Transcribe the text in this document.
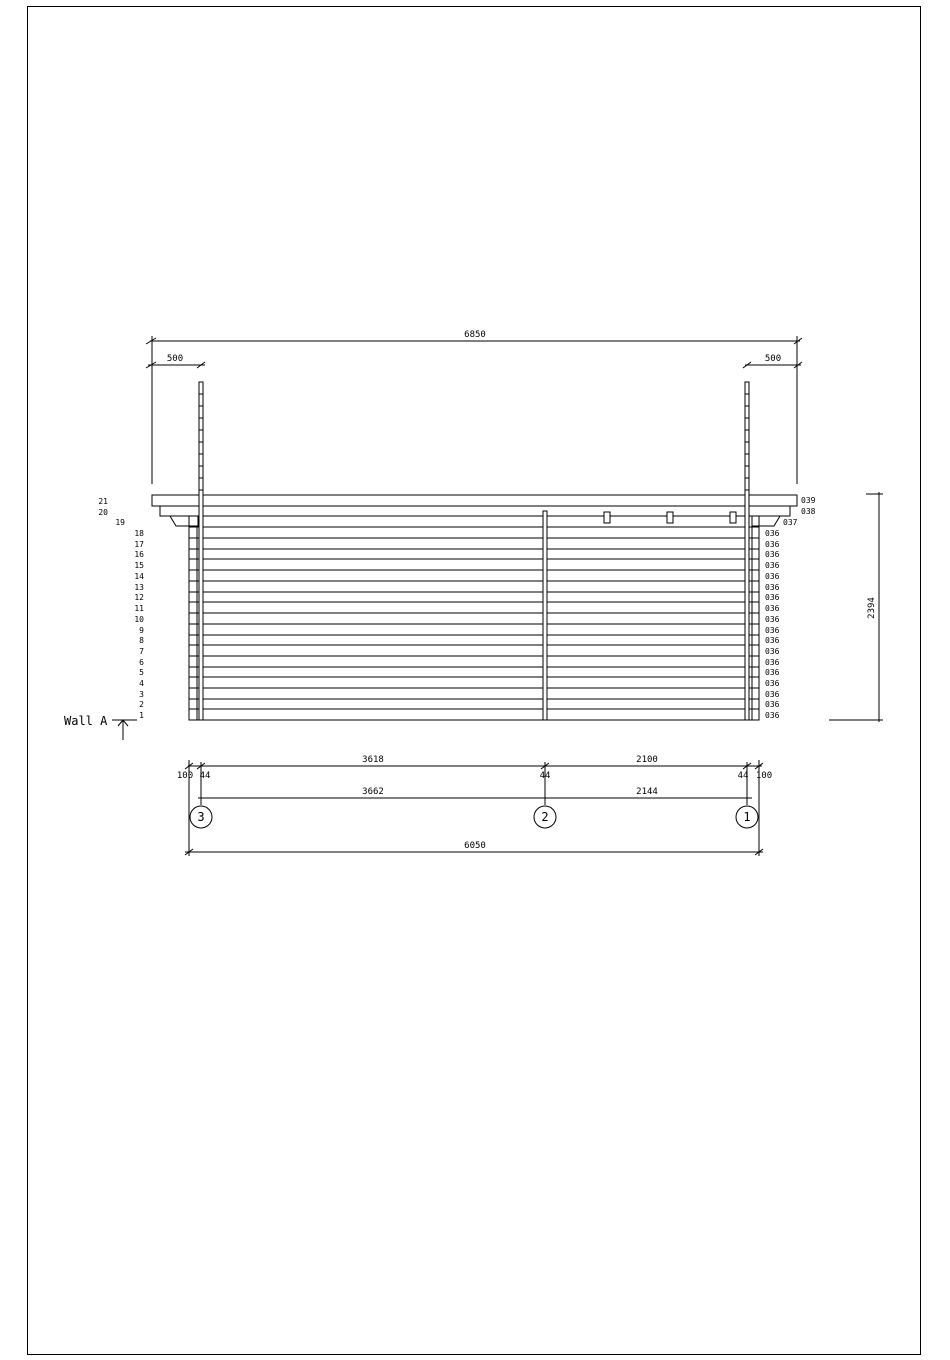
6850
500	500
2394
3618	2100
100 44	44	44 100
3662	2144
6050
3	2	1
Wall A
21
20
19
18
17
16
15
14
13
12
11
10
9
8
7
6
5
4
3
2
1
039
038
037
036
036
036
036
036
036
036
036
036
036
036
036
036
036
036
036
036
036
